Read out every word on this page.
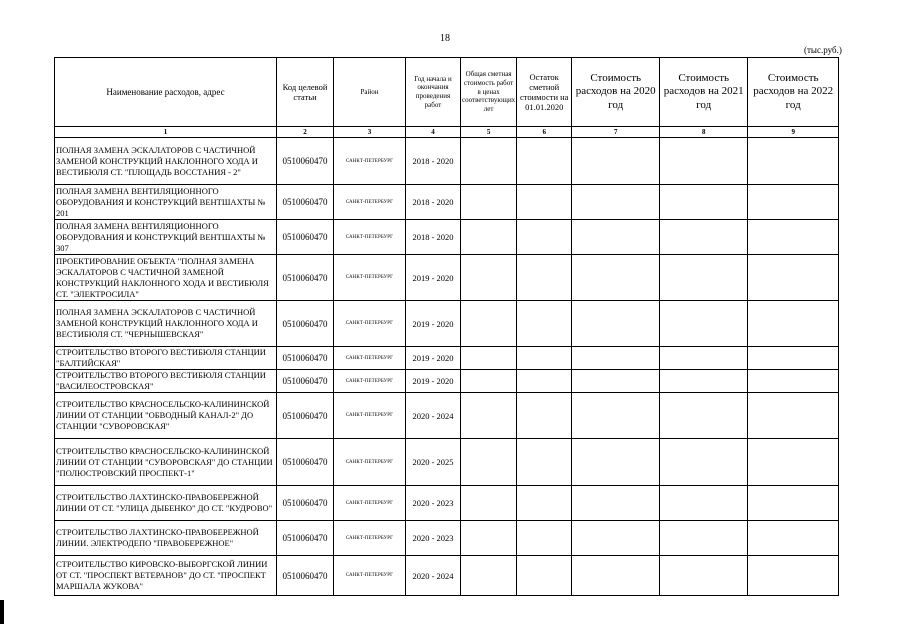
18
(тыс.руб.)
Наименование расходов, адрес	Код целевой статьи	Район	Год начала и окончания проведения работ	Общая сметная стоимость работ в ценах соответствующих лет	Остаток сметной стоимости на 01.01.2020	Стоимость расходов на 2020 год	Стоимость расходов на 2021 год	Стоимость расходов на 2022 год
1	2	3	4	5	6	7	8	9
ПОЛНАЯ ЗАМЕНА ЭСКАЛАТОРОВ С ЧАСТИЧНОЙ ЗАМЕНОЙ КОНСТРУКЦИЙ НАКЛОННОГО ХОДА И ВЕСТИБЮЛЯ СТ. "ПЛОЩАДЬ ВОССТАНИЯ - 2"	0510060470	САНКТ-ПЕТЕРБУРГ	2018 - 2020					
ПОЛНАЯ ЗАМЕНА ВЕНТИЛЯЦИОННОГО ОБОРУДОВАНИЯ И КОНСТРУКЦИЙ ВЕНТШАХТЫ № 201	0510060470	САНКТ-ПЕТЕРБУРГ	2018 - 2020					
ПОЛНАЯ ЗАМЕНА ВЕНТИЛЯЦИОННОГО ОБОРУДОВАНИЯ И КОНСТРУКЦИЙ ВЕНТШАХТЫ № 307	0510060470	САНКТ-ПЕТЕРБУРГ	2018 - 2020					
ПРОЕКТИРОВАНИЕ ОБЪЕКТА "ПОЛНАЯ ЗАМЕНА ЭСКАЛАТОРОВ С ЧАСТИЧНОЙ ЗАМЕНОЙ КОНСТРУКЦИЙ НАКЛОННОГО ХОДА И ВЕСТИБЮЛЯ СТ. "ЭЛЕКТРОСИЛА"	0510060470	САНКТ-ПЕТЕРБУРГ	2019 - 2020					
ПОЛНАЯ ЗАМЕНА ЭСКАЛАТОРОВ С ЧАСТИЧНОЙ ЗАМЕНОЙ КОНСТРУКЦИЙ НАКЛОННОГО ХОДА И ВЕСТИБЮЛЯ СТ. "ЧЕРНЫШЕВСКАЯ"	0510060470	САНКТ-ПЕТЕРБУРГ	2019 - 2020					
СТРОИТЕЛЬСТВО ВТОРОГО ВЕСТИБЮЛЯ СТАНЦИИ "БАЛТИЙСКАЯ"	0510060470	САНКТ-ПЕТЕРБУРГ	2019 - 2020					
СТРОИТЕЛЬСТВО ВТОРОГО ВЕСТИБЮЛЯ СТАНЦИИ "ВАСИЛЕОСТРОВСКАЯ"	0510060470	САНКТ-ПЕТЕРБУРГ	2019 - 2020					
СТРОИТЕЛЬСТВО КРАСНОСЕЛЬСКО-КАЛИНИНСКОЙ ЛИНИИ ОТ СТАНЦИИ "ОБВОДНЫЙ КАНАЛ-2" ДО СТАНЦИИ "СУВОРОВСКАЯ"	0510060470	САНКТ-ПЕТЕРБУРГ	2020 - 2024					
СТРОИТЕЛЬСТВО КРАСНОСЕЛЬСКО-КАЛИНИНСКОЙ ЛИНИИ ОТ СТАНЦИИ "СУВОРОВСКАЯ" ДО СТАНЦИИ "ПОЛЮСТРОВСКИЙ ПРОСПЕКТ-1"	0510060470	САНКТ-ПЕТЕРБУРГ	2020 - 2025					
СТРОИТЕЛЬСТВО ЛАХТИНСКО-ПРАВОБЕРЕЖНОЙ ЛИНИИ ОТ СТ. "УЛИЦА ДЫБЕНКО" ДО СТ. "КУДРОВО"	0510060470	САНКТ-ПЕТЕРБУРГ	2020 - 2023					
СТРОИТЕЛЬСТВО ЛАХТИНСКО-ПРАВОБЕРЕЖНОЙ ЛИНИИ. ЭЛЕКТРОДЕПО "ПРАВОБЕРЕЖНОЕ"	0510060470	САНКТ-ПЕТЕРБУРГ	2020 - 2023					
СТРОИТЕЛЬСТВО КИРОВСКО-ВЫБОРГСКОЙ ЛИНИИ ОТ СТ. "ПРОСПЕКТ ВЕТЕРАНОВ" ДО СТ. "ПРОСПЕКТ МАРШАЛА ЖУКОВА"	0510060470	САНКТ-ПЕТЕРБУРГ	2020 - 2024					
